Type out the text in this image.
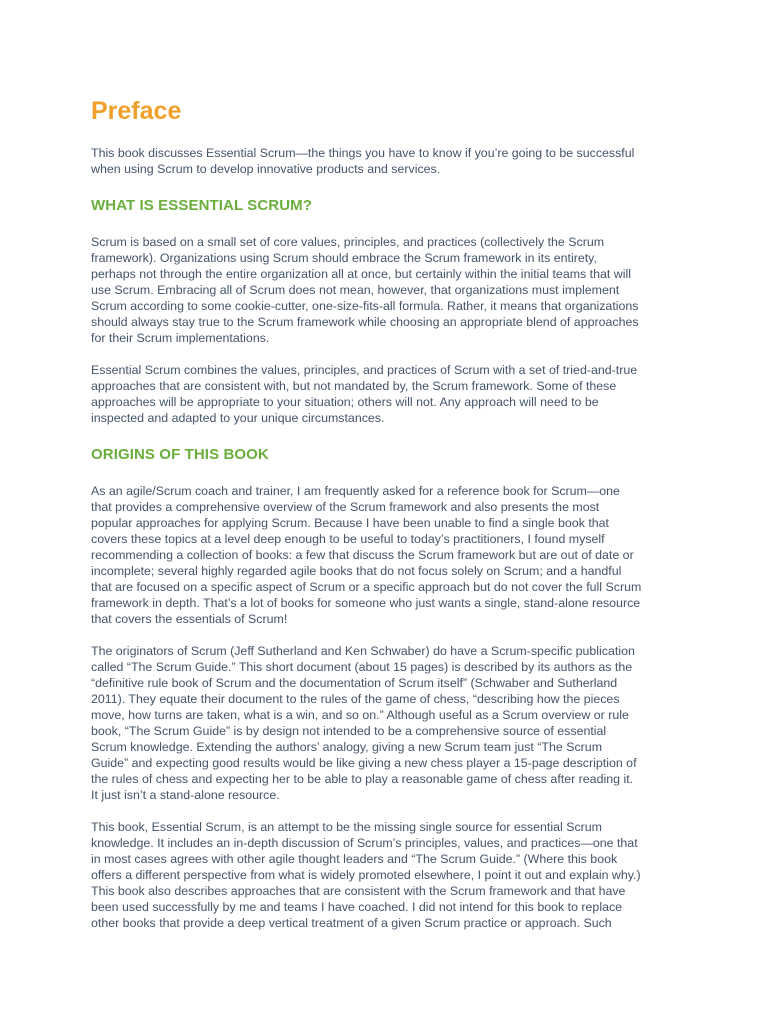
Preface

This book discusses Essential Scrum—the things you have to know if you’re going to be successful
when using Scrum to develop innovative products and services.

WHAT IS ESSENTIAL SCRUM?

Scrum is based on a small set of core values, principles, and practices (collectively the Scrum
framework). Organizations using Scrum should embrace the Scrum framework in its entirety,
perhaps not through the entire organization all at once, but certainly within the initial teams that will
use Scrum. Embracing all of Scrum does not mean, however, that organizations must implement
Scrum according to some cookie-cutter, one-size-fits-all formula. Rather, it means that organizations
should always stay true to the Scrum framework while choosing an appropriate blend of approaches
for their Scrum implementations.

Essential Scrum combines the values, principles, and practices of Scrum with a set of tried-and-true
approaches that are consistent with, but not mandated by, the Scrum framework. Some of these
approaches will be appropriate to your situation; others will not. Any approach will need to be
inspected and adapted to your unique circumstances.

ORIGINS OF THIS BOOK

As an agile/Scrum coach and trainer, I am frequently asked for a reference book for Scrum—one
that provides a comprehensive overview of the Scrum framework and also presents the most
popular approaches for applying Scrum. Because I have been unable to find a single book that
covers these topics at a level deep enough to be useful to today’s practitioners, I found myself
recommending a collection of books: a few that discuss the Scrum framework but are out of date or
incomplete; several highly regarded agile books that do not focus solely on Scrum; and a handful
that are focused on a specific aspect of Scrum or a specific approach but do not cover the full Scrum
framework in depth. That’s a lot of books for someone who just wants a single, stand-alone resource
that covers the essentials of Scrum!

The originators of Scrum (Jeff Sutherland and Ken Schwaber) do have a Scrum-specific publication
called “The Scrum Guide.” This short document (about 15 pages) is described by its authors as the
“definitive rule book of Scrum and the documentation of Scrum itself” (Schwaber and Sutherland
2011). They equate their document to the rules of the game of chess, “describing how the pieces
move, how turns are taken, what is a win, and so on.” Although useful as a Scrum overview or rule
book, “The Scrum Guide” is by design not intended to be a comprehensive source of essential
Scrum knowledge. Extending the authors’ analogy, giving a new Scrum team just “The Scrum
Guide” and expecting good results would be like giving a new chess player a 15-page description of
the rules of chess and expecting her to be able to play a reasonable game of chess after reading it.
It just isn’t a stand-alone resource.

This book, Essential Scrum, is an attempt to be the missing single source for essential Scrum
knowledge. It includes an in-depth discussion of Scrum’s principles, values, and practices—one that
in most cases agrees with other agile thought leaders and “The Scrum Guide.” (Where this book
offers a different perspective from what is widely promoted elsewhere, I point it out and explain why.)
This book also describes approaches that are consistent with the Scrum framework and that have
been used successfully by me and teams I have coached. I did not intend for this book to replace
other books that provide a deep vertical treatment of a given Scrum practice or approach. Such
